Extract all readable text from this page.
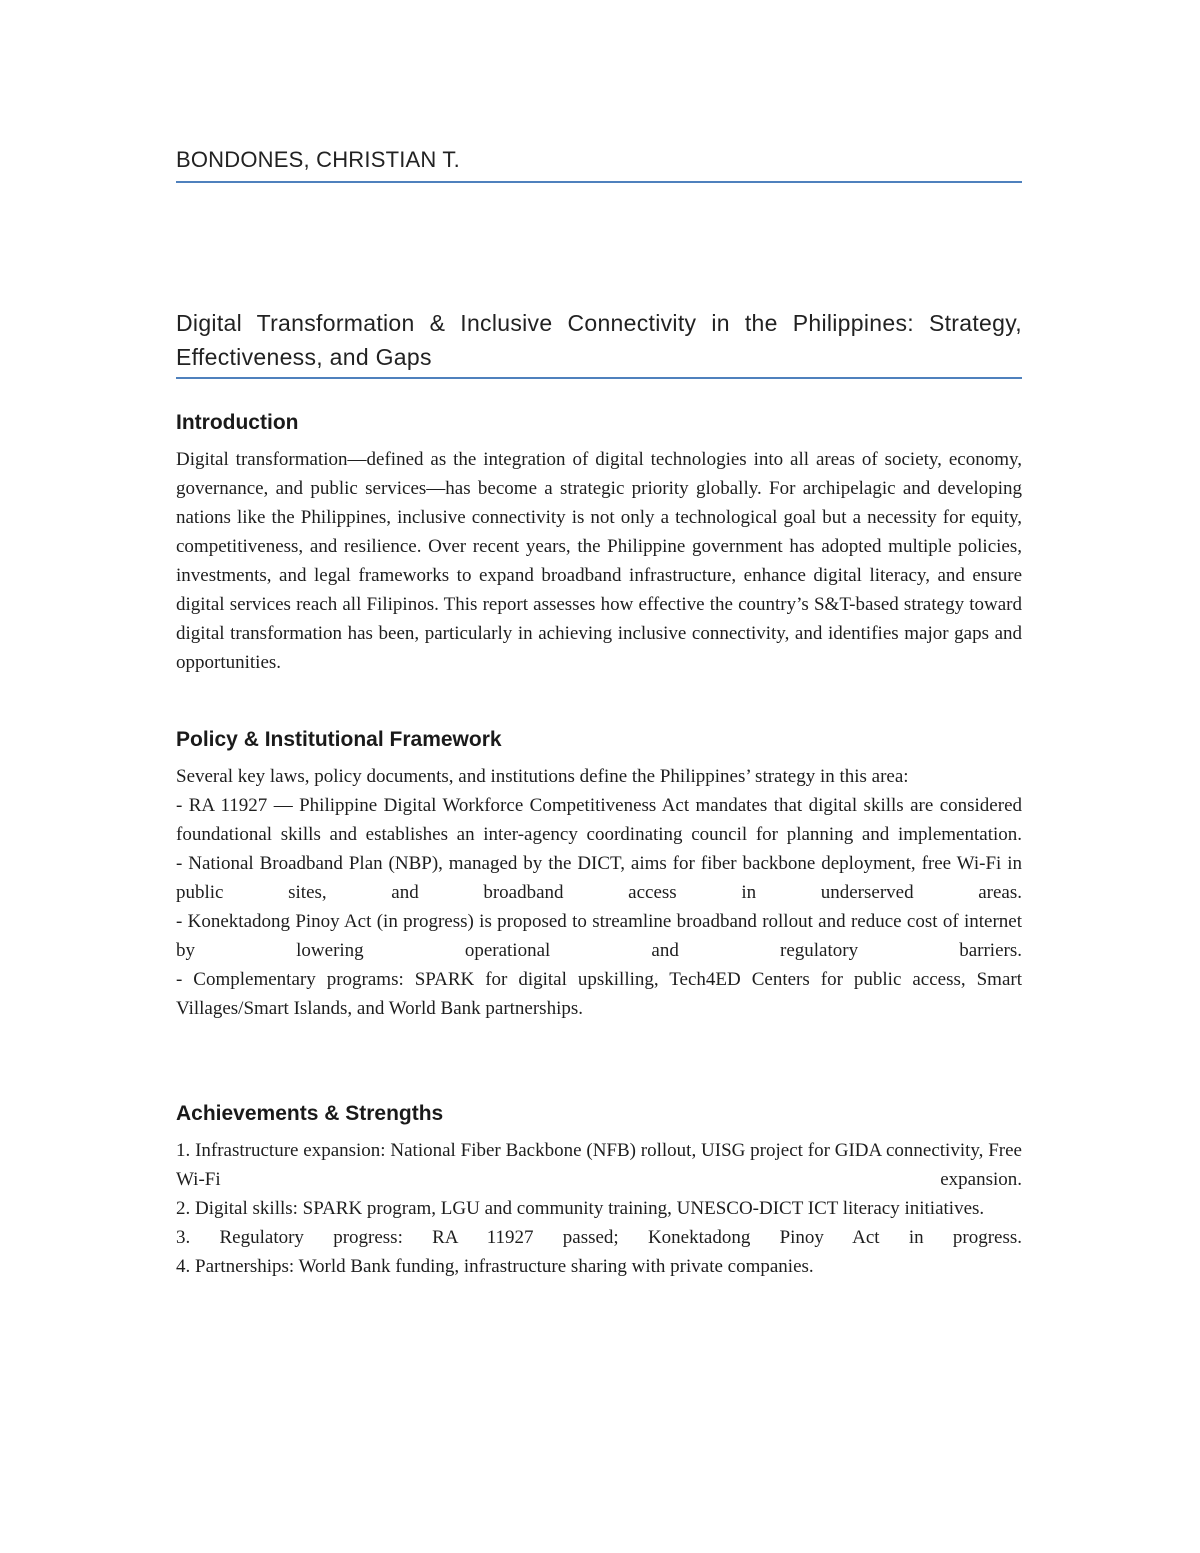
BONDONES, CHRISTIAN T.
Digital Transformation & Inclusive Connectivity in the Philippines: Strategy, Effectiveness, and Gaps
Introduction
Digital transformation—defined as the integration of digital technologies into all areas of society, economy, governance, and public services—has become a strategic priority globally. For archipelagic and developing nations like the Philippines, inclusive connectivity is not only a technological goal but a necessity for equity, competitiveness, and resilience. Over recent years, the Philippine government has adopted multiple policies, investments, and legal frameworks to expand broadband infrastructure, enhance digital literacy, and ensure digital services reach all Filipinos. This report assesses how effective the country’s S&T-based strategy toward digital transformation has been, particularly in achieving inclusive connectivity, and identifies major gaps and opportunities.
Policy & Institutional Framework
Several key laws, policy documents, and institutions define the Philippines’ strategy in this area:
- RA 11927 — Philippine Digital Workforce Competitiveness Act mandates that digital skills are considered foundational skills and establishes an inter-agency coordinating council for planning and implementation.
- National Broadband Plan (NBP), managed by the DICT, aims for fiber backbone deployment, free Wi-Fi in public sites, and broadband access in underserved areas.
- Konektadong Pinoy Act (in progress) is proposed to streamline broadband rollout and reduce cost of internet by lowering operational and regulatory barriers.
- Complementary programs: SPARK for digital upskilling, Tech4ED Centers for public access, Smart Villages/Smart Islands, and World Bank partnerships.
Achievements & Strengths
1. Infrastructure expansion: National Fiber Backbone (NFB) rollout, UISG project for GIDA connectivity, Free Wi-Fi expansion.
2. Digital skills: SPARK program, LGU and community training, UNESCO-DICT ICT literacy initiatives.
3. Regulatory progress: RA 11927 passed; Konektadong Pinoy Act in progress.
4. Partnerships: World Bank funding, infrastructure sharing with private companies.
